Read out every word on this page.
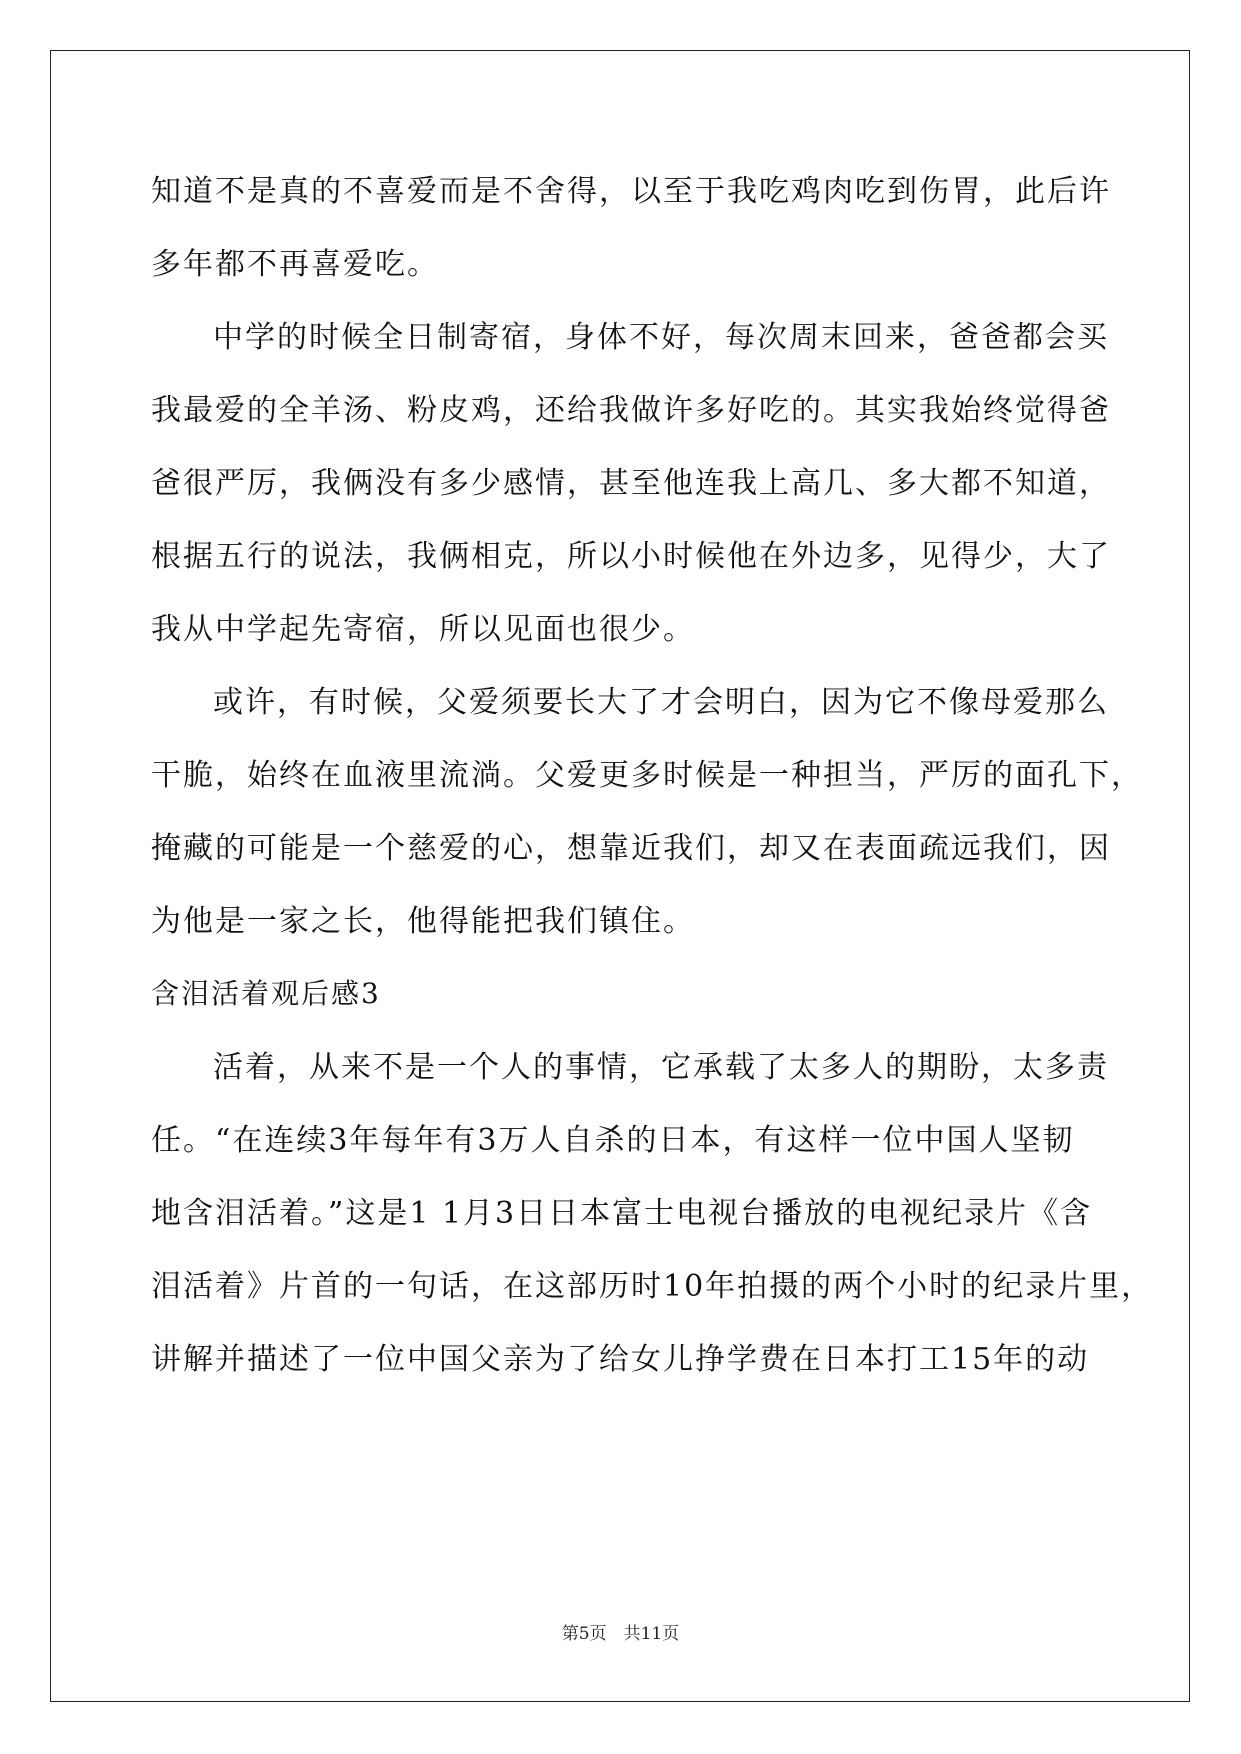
知道不是真的不喜爱而是不舍得，以至于我吃鸡肉吃到伤胃，此后许
多年都不再喜爱吃。
中学的时候全日制寄宿，身体不好，每次周末回来，爸爸都会买
我最爱的全羊汤、粉皮鸡，还给我做许多好吃的。其实我始终觉得爸
爸很严厉，我俩没有多少感情，甚至他连我上高几、多大都不知道，
根据五行的说法，我俩相克，所以小时候他在外边多，见得少，大了
我从中学起先寄宿，所以见面也很少。
或许，有时候，父爱须要长大了才会明白，因为它不像母爱那么
干脆，始终在血液里流淌。父爱更多时候是一种担当，严厉的面孔下，
掩藏的可能是一个慈爱的心，想靠近我们，却又在表面疏远我们，因
为他是一家之长，他得能把我们镇住。
含泪活着观后感3
活着，从来不是一个人的事情，它承载了太多人的期盼，太多责
任。“在连续3年每年有3万人自杀的日本，有这样一位中国人坚韧
地含泪活着。”这是1 1月3日日本富士电视台播放的电视纪录片《含
泪活着》片首的一句话，在这部历时10年拍摄的两个小时的纪录片里，
讲解并描述了一位中国父亲为了给女儿挣学费在日本打工15年的动
第5页　共11页
